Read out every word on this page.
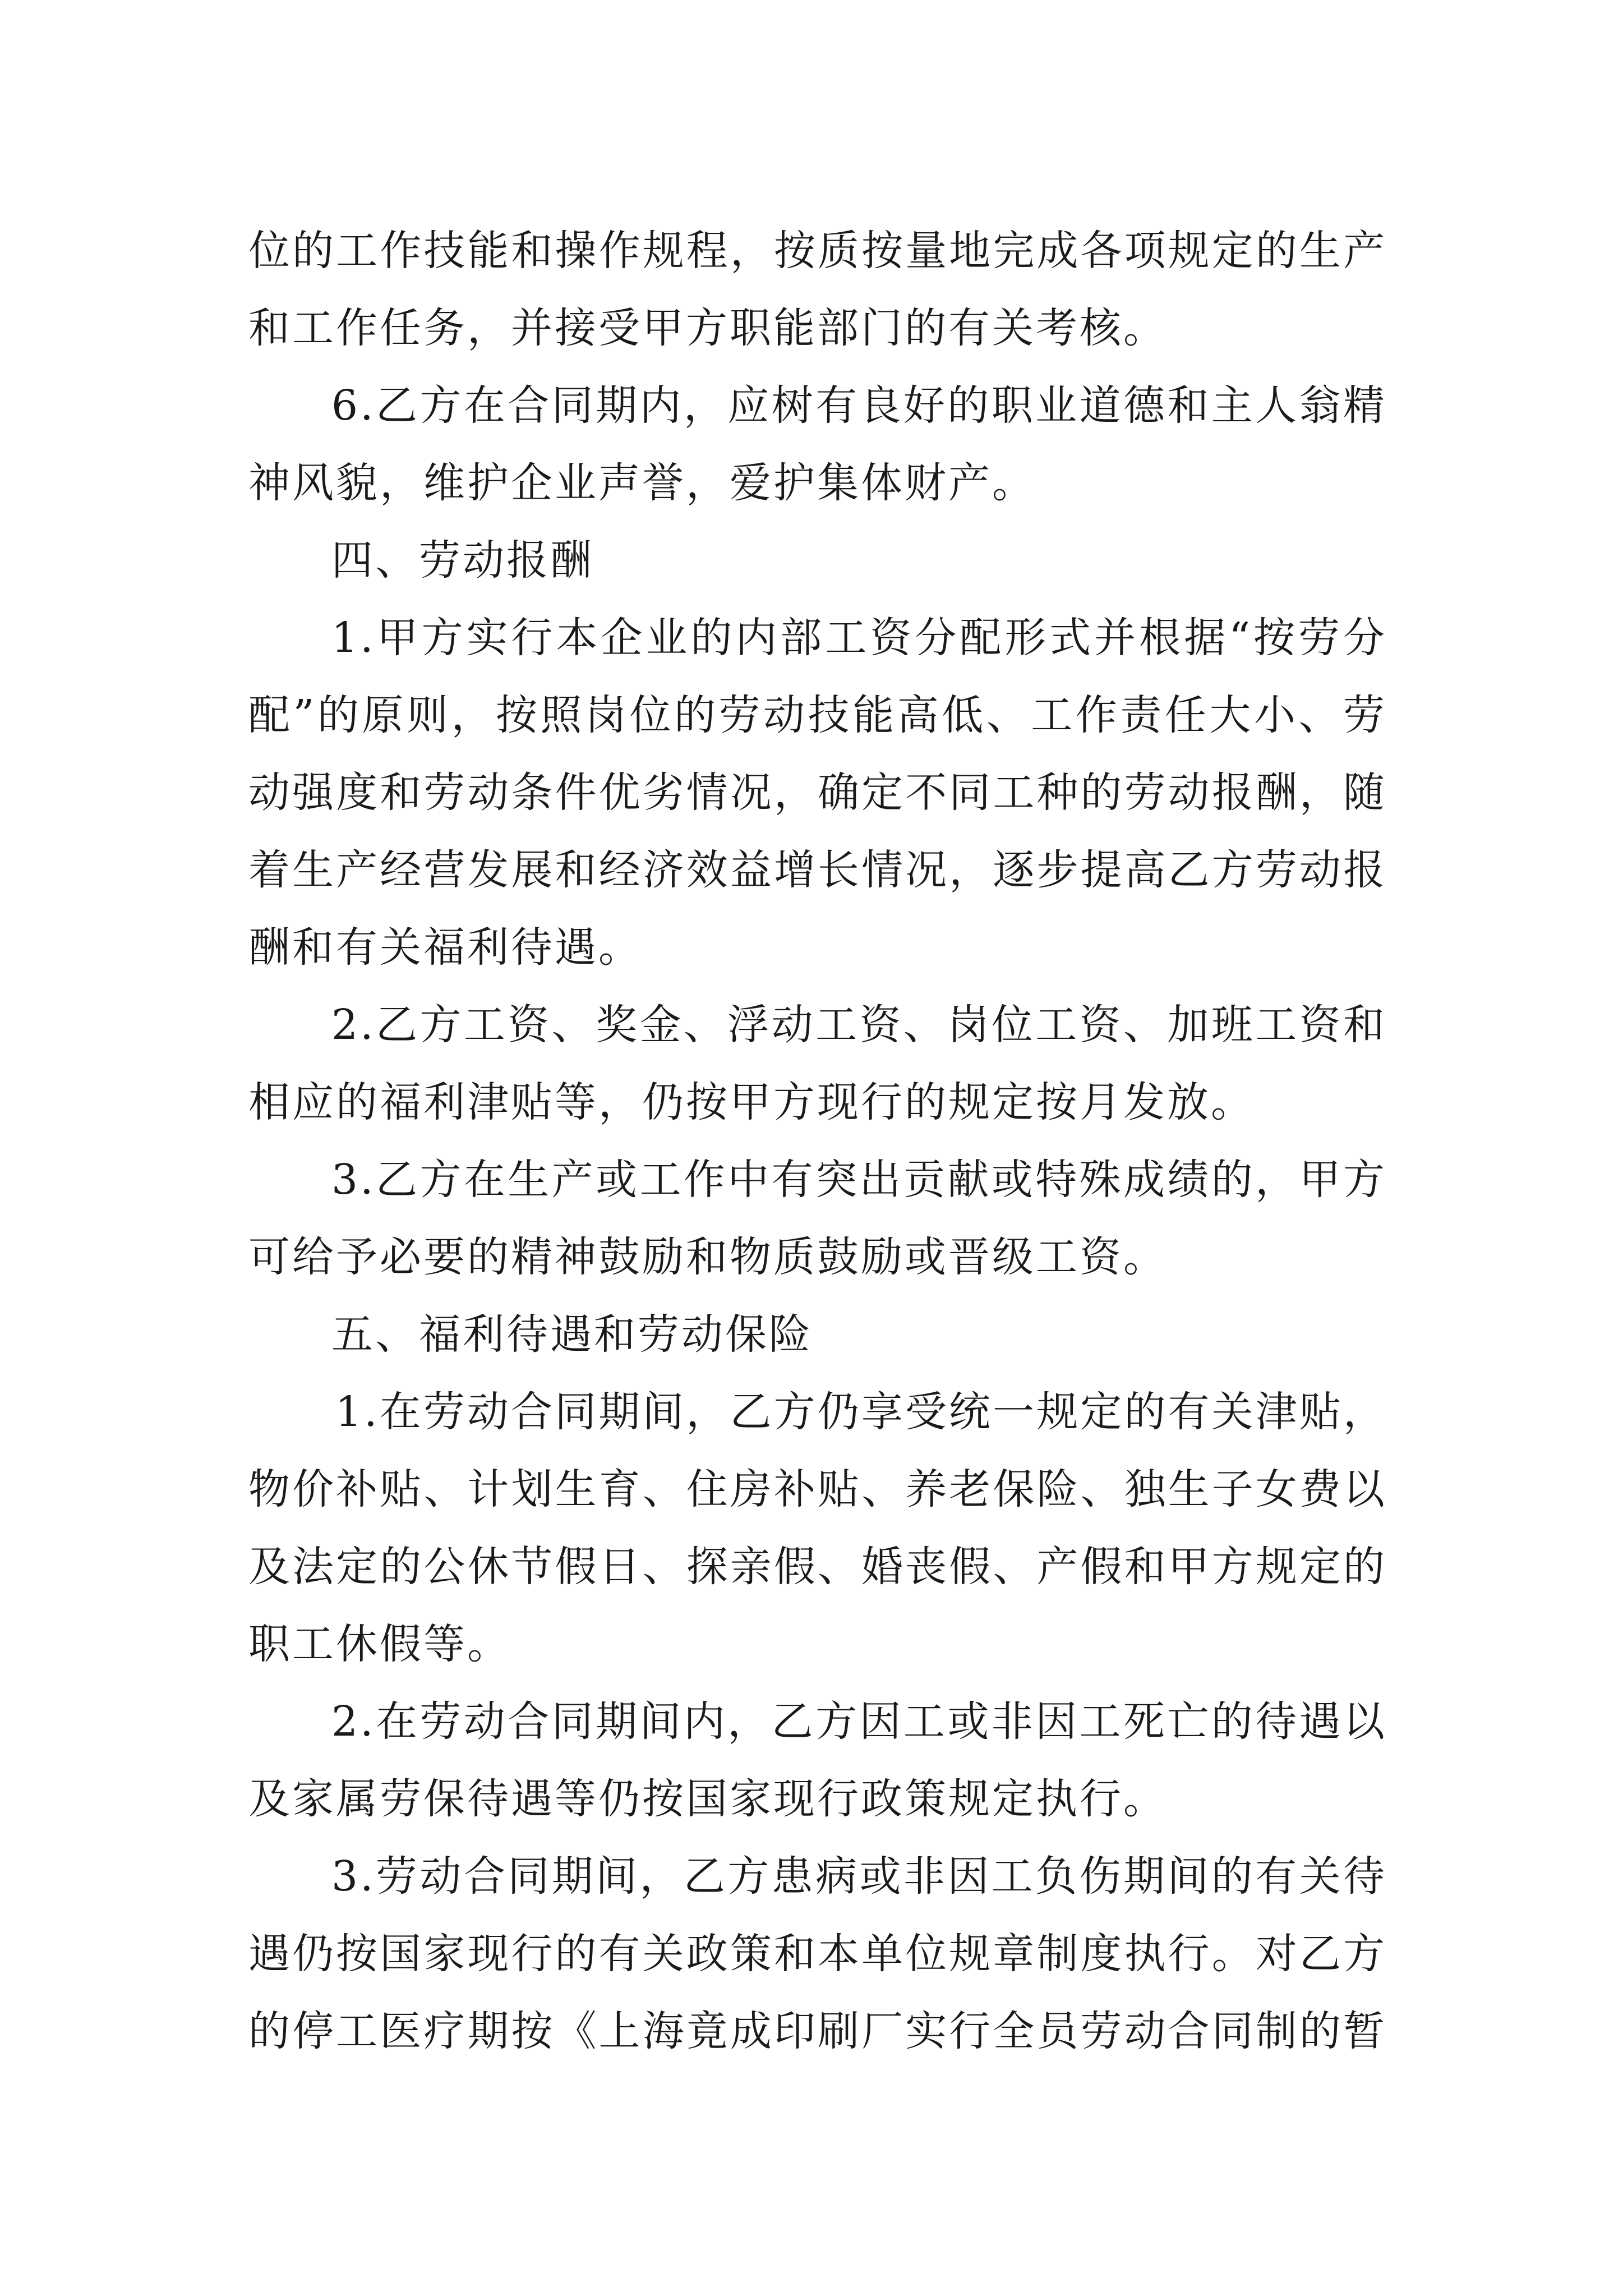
位的工作技能和操作规程，按质按量地完成各项规定的生产
和工作任务，并接受甲方职能部门的有关考核。
6.乙方在合同期内，应树有良好的职业道德和主人翁精
神风貌，维护企业声誉，爱护集体财产。
四、劳动报酬
1.甲方实行本企业的内部工资分配形式并根据“按劳分
配”的原则，按照岗位的劳动技能高低、工作责任大小、劳
动强度和劳动条件优劣情况，确定不同工种的劳动报酬，随
着生产经营发展和经济效益增长情况，逐步提高乙方劳动报
酬和有关福利待遇。
2.乙方工资、奖金、浮动工资、岗位工资、加班工资和
相应的福利津贴等，仍按甲方现行的规定按月发放。
3.乙方在生产或工作中有突出贡献或特殊成绩的，甲方
可给予必要的精神鼓励和物质鼓励或晋级工资。
五、福利待遇和劳动保险
1.在劳动合同期间，乙方仍享受统一规定的有关津贴，
物价补贴、计划生育、住房补贴、养老保险、独生子女费以
及法定的公休节假日、探亲假、婚丧假、产假和甲方规定的
职工休假等。
2.在劳动合同期间内，乙方因工或非因工死亡的待遇以
及家属劳保待遇等仍按国家现行政策规定执行。
3.劳动合同期间，乙方患病或非因工负伤期间的有关待
遇仍按国家现行的有关政策和本单位规章制度执行。对乙方
的停工医疗期按《上海竟成印刷厂实行全员劳动合同制的暂
